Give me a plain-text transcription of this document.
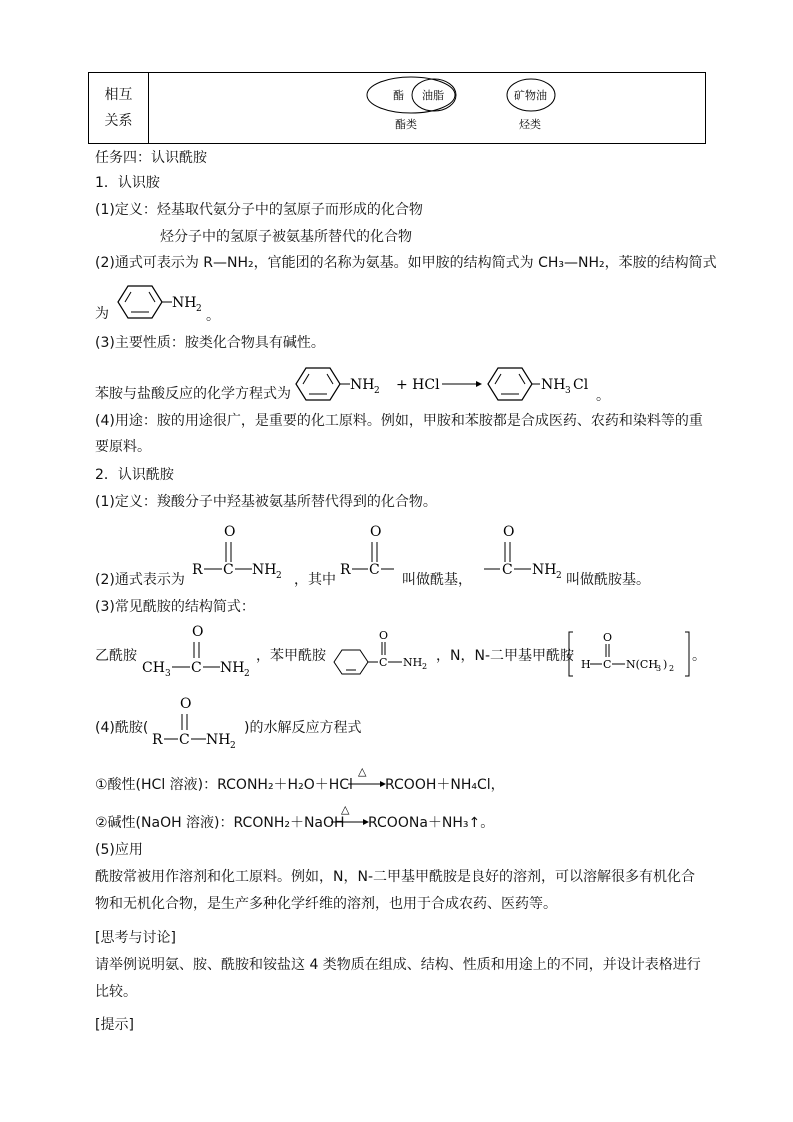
相互关系	
酯 油脂	矿物油
酯类	烃类
任务四：认识酰胺
1．认识胺
(1)定义：烃基取代氨分子中的氢原子而形成的化合物
烃分子中的氢原子被氨基所替代的化合物
(2)通式可表示为 R—NH₂，官能团的名称为氨基。如甲胺的结构简式为 CH₃—NH₂，苯胺的结构简式
为
NH 2 。
(3)主要性质：胺类化合物具有碱性。
苯胺与盐酸反应的化学方程式为
NH 2 + HCl	NH 3 Cl
。
(4)用途：胺的用途很广，是重要的化工原料。例如，甲胺和苯胺都是合成医药、农药和染料等的重
要原料。
2．认识酰胺
(1)定义：羧酸分子中羟基被氨基所替代得到的化合物。
(2)通式表示为
O
R C NH 2
O
R C
O
C NH 2
，其中	叫做酰基，	叫做酰胺基。
(3)常见酰胺的结构简式：
乙酰胺
O
CH 3 C NH 2
，苯甲酰胺	C
O
NH 2
，N，N-二甲基甲酰胺
H C
O
N(CH
3 ) 2
。
(4)酰胺(
O
R C NH 2
)的水解反应方程式
①酸性(HCl 溶液)：RCONH₂＋H₂O＋HCl
△
RCOOH＋NH₄Cl，
②碱性(NaOH 溶液)：RCONH₂＋NaOH
△
RCOONa＋NH₃↑。
(5)应用
酰胺常被用作溶剂和化工原料。例如，N，N-二甲基甲酰胺是良好的溶剂，可以溶解很多有机化合
物和无机化合物，是生产多种化学纤维的溶剂，也用于合成农药、医药等。
[思考与讨论]
请举例说明氨、胺、酰胺和铵盐这 4 类物质在组成、结构、性质和用途上的不同，并设计表格进行
比较。
[提示]
